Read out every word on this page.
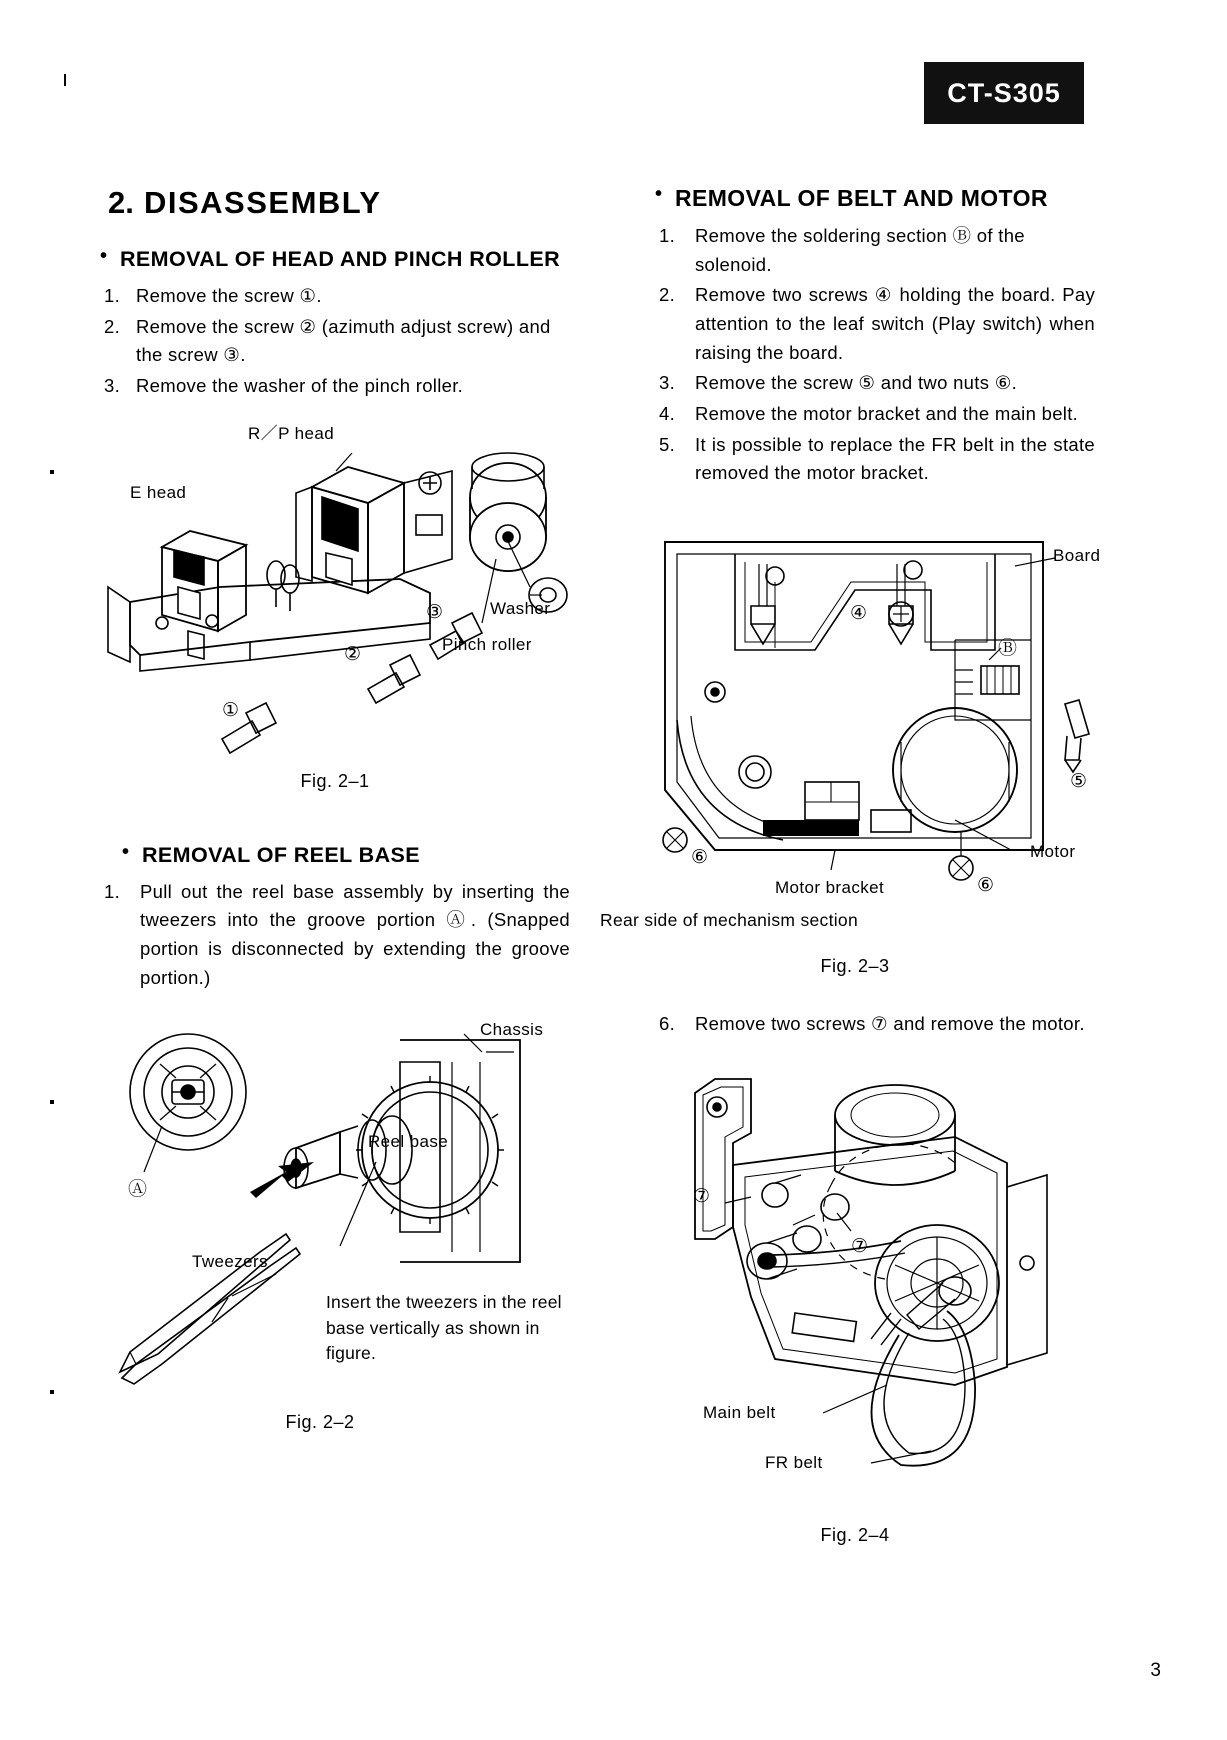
CT-S305
2. DISASSEMBLY
• REMOVAL OF HEAD AND PINCH ROLLER
1. Remove the screw ①.
2. Remove the screw ② (azimuth adjust screw) and the screw ③.
3. Remove the washer of the pinch roller.
R／P head
E head
Washer
Pinch roller
③
②
①
Fig. 2–1
• REMOVAL OF REEL BASE
1. Pull out the reel base assembly by inserting the tweezers into the groove portion Ⓐ. (Snapped portion is disconnected by extending the groove portion.)
Ⓐ
Chassis
Reel base
Tweezers
Insert the tweezers in the reel base vertically as shown in figure.
Fig. 2–2
• REMOVAL OF BELT AND MOTOR
1. Remove the soldering section Ⓑ of the solenoid.
2. Remove two screws ④ holding the board. Pay attention to the leaf switch (Play switch) when raising the board.
3. Remove the screw ⑤ and two nuts ⑥.
4. Remove the motor bracket and the main belt.
5. It is possible to replace the FR belt in the state removed the motor bracket.
Board
Motor
Motor bracket
④
⑤
⑥
⑥
Ⓑ
Rear side of mechanism section
Fig. 2–3
6. Remove two screws ⑦ and remove the motor.
⑦
⑦
Main belt
FR belt
Fig. 2–4
3
